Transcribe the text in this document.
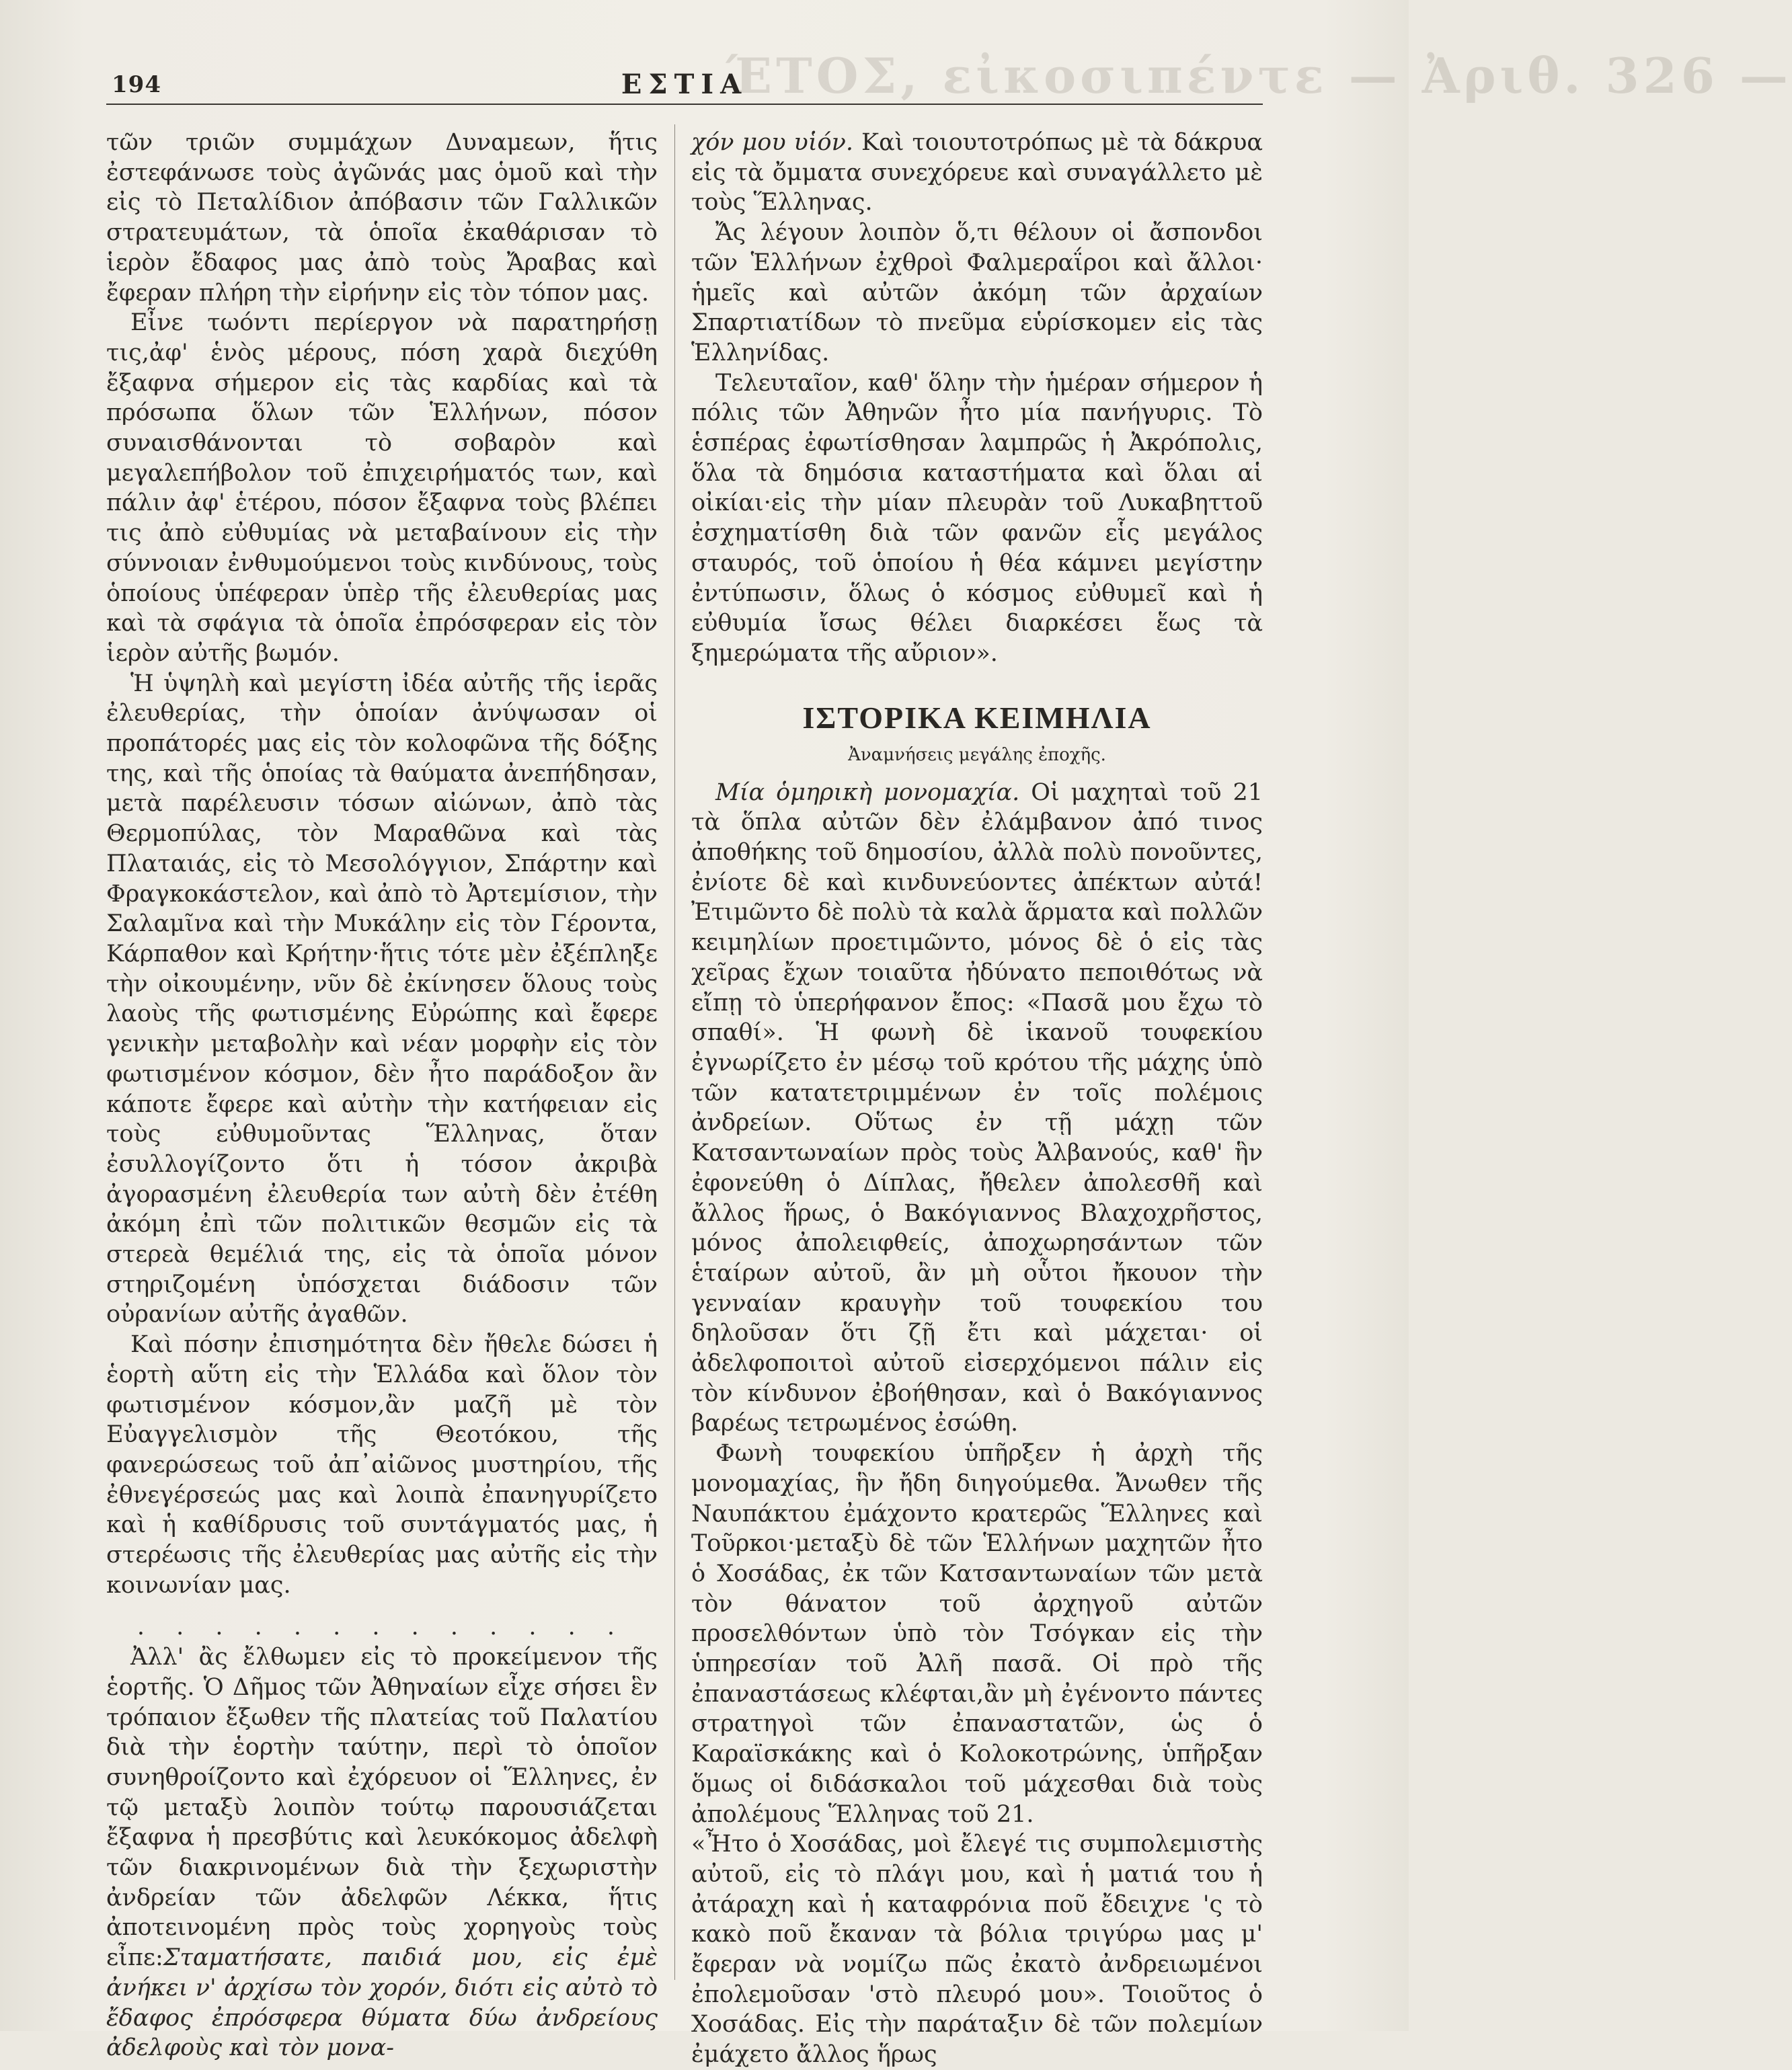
ΈΤΟΣ, εἰκοσιπέντε — Ἀριθ. 326 —
194	ΕΣΤΙΑ

τῶν τριῶν συμμάχων Δυναμεων, ἥτις ἐστεφάνωσε τοὺς ἀγῶνάς μας ὁμοῦ καὶ τὴν εἰς τὸ Πεταλίδιον ἀπόβασιν τῶν Γαλλικῶν στρατευμάτων, τὰ ὁποῖα ἐκαθάρισαν τὸ ἱερὸν ἔδαφος μας ἀπὸ τοὺς Ἄραβας καὶ ἔφεραν πλήρη τὴν εἰρήνην εἰς τὸν τόπον μας.

Εἶνε τωόντι περίεργον νὰ παρατηρήσῃ τις,ἀφ' ἑνὸς μέρους, πόση χαρὰ διεχύθη ἔξαφνα σήμερον εἰς τὰς καρδίας καὶ τὰ πρόσωπα ὅλων τῶν Ἑλλήνων, πόσον συναισθάνονται τὸ σοβαρὸν καὶ μεγαλεπήβολον τοῦ ἐπιχειρήματός των, καὶ πάλιν ἀφ' ἑτέρου, πόσον ἔξαφνα τοὺς βλέπει τις ἀπὸ εὐθυμίας νὰ μεταβαίνουν εἰς τὴν σύννοιαν ἐνθυμούμενοι τοὺς κινδύνους, τοὺς ὁποίους ὑπέφεραν ὑπὲρ τῆς ἐλευθερίας μας καὶ τὰ σφάγια τὰ ὁποῖα ἐπρόσφεραν εἰς τὸν ἱερὸν αὐτῆς βωμόν.

Ἡ ὑψηλὴ καὶ μεγίστη ἰδέα αὐτῆς τῆς ἱερᾶς ἐλευθερίας, τὴν ὁποίαν ἀνύψωσαν οἱ προπάτορές μας εἰς τὸν κολοφῶνα τῆς δόξης της, καὶ τῆς ὁποίας τὰ θαύματα ἀνεπήδησαν, μετὰ παρέλευσιν τόσων αἰώνων, ἀπὸ τὰς Θερμοπύλας, τὸν Μαραθῶνα καὶ τὰς Πλαταιάς, εἰς τὸ Μεσολόγγιον, Σπάρτην καὶ Φραγκοκάστελον, καὶ ἀπὸ τὸ Ἀρτεμίσιον, τὴν Σαλαμῖνα καὶ τὴν Μυκάλην εἰς τὸν Γέροντα, Κάρπαθον καὶ Κρήτην·ἥτις τότε μὲν ἐξέπληξε τὴν οἰκουμένην, νῦν δὲ ἐκίνησεν ὅλους τοὺς λαοὺς τῆς φωτισμένης Εὐρώπης καὶ ἔφερε γενικὴν μεταβολὴν καὶ νέαν μορφὴν εἰς τὸν φωτισμένον κόσμον, δὲν ἦτο παράδοξον ἂν κάποτε ἔφερε καὶ αὐτὴν τὴν κατήφειαν εἰς τοὺς εὐθυμοῦντας Ἕλληνας, ὅταν ἐσυλλογίζοντο ὅτι ἡ τόσον ἀκριβὰ ἀγορασμένη ἐλευθερία των αὐτὴ δὲν ἐτέθη ἀκόμη ἐπὶ τῶν πολιτικῶν θεσμῶν εἰς τὰ στερεὰ θεμέλιά της, εἰς τὰ ὁποῖα μόνον στηριζομένη ὑπόσχεται διάδοσιν τῶν οὐρανίων αὐτῆς ἀγαθῶν.

Καὶ πόσην ἐπισημότητα δὲν ἤθελε δώσει ἡ ἑορτὴ αὕτη εἰς τὴν Ἑλλάδα καὶ ὅλον τὸν φωτισμένον κόσμον,ἂν μαζῆ μὲ τὸν Εὐαγγελισμὸν τῆς Θεοτόκου, τῆς φανερώσεως τοῦ ἀπ᾽αἰῶνος μυστηρίου, τῆς ἐθνεγέρσεώς μας καὶ λοιπὰ ἐπανηγυρίζετο καὶ ἡ καθίδρυσις τοῦ συντάγματός μας, ἡ στερέωσις τῆς ἐλευθερίας μας αὐτῆς εἰς τὴν κοινωνίαν μας.

. . . . . . . . . . . . .

Ἀλλ' ἂς ἔλθωμεν εἰς τὸ προκείμενον τῆς ἑορτῆς. Ὁ Δῆμος τῶν Ἀθηναίων εἶχε σήσει ἓν τρόπαιον ἔξωθεν τῆς πλατείας τοῦ Παλατίου διὰ τὴν ἑορτὴν ταύτην, περὶ τὸ ὁποῖον συνηθροίζοντο καὶ ἐχόρευον οἱ Ἕλληνες, ἐν τῷ μεταξὺ λοιπὸν τούτῳ παρουσιάζεται ἔξαφνα ἡ πρεσβύτις καὶ λευκόκομος ἀδελφὴ τῶν διακρινομένων διὰ τὴν ξεχωριστὴν ἀνδρείαν τῶν ἀδελφῶν Λέκκα, ἥτις ἀποτεινομένη πρὸς τοὺς χορηγοὺς τοὺς εἶπε:Σταματήσατε, παιδιά μου, εἰς ἐμὲ ἀνήκει ν' ἀρχίσω τὸν χορόν, διότι εἰς αὐτὸ τὸ ἔδαφος ἐπρόσφερα θύματα δύω ἀνδρείους ἀδελφοὺς καὶ τὸν μονα-

χόν μου υἱόν. Καὶ τοιουτοτρόπως μὲ τὰ δάκρυα εἰς τὰ ὄμματα συνεχόρευε καὶ συναγάλλετο μὲ τοὺς Ἕλληνας.

Ἄς λέγουν λοιπὸν ὅ,τι θέλουν οἱ ἄσπονδοι τῶν Ἑλλήνων ἐχθροὶ Φαλμεραΐροι καὶ ἄλλοι· ἡμεῖς καὶ αὐτῶν ἀκόμη τῶν ἀρχαίων Σπαρτιατίδων τὸ πνεῦμα εὑρίσκομεν εἰς τὰς Ἑλληνίδας.

Τελευταῖον, καθ' ὅλην τὴν ἡμέραν σήμερον ἡ πόλις τῶν Ἀθηνῶν ἦτο μία πανήγυρις. Τὸ ἑσπέρας ἐφωτίσθησαν λαμπρῶς ἡ Ἀκρόπολις, ὅλα τὰ δημόσια καταστήματα καὶ ὅλαι αἱ οἰκίαι·εἰς τὴν μίαν πλευρὰν τοῦ Λυκαβηττοῦ ἐσχηματίσθη διὰ τῶν φανῶν εἷς μεγάλος σταυρός, τοῦ ὁποίου ἡ θέα κάμνει μεγίστην ἐντύπωσιν, ὅλως ὁ κόσμος εὐθυμεῖ καὶ ἡ εὐθυμία ἴσως θέλει διαρκέσει ἕως τὰ ξημερώματα τῆς αὔριον».

ΙΣΤΟΡΙΚΑ ΚΕΙΜΗΛΙΑ
Ἀναμνήσεις μεγάλης ἐποχῆς.

Μία ὁμηρικὴ μονομαχία. Οἱ μαχηταὶ τοῦ 21 τὰ ὅπλα αὐτῶν δὲν ἐλάμβανον ἀπό τινος ἀποθήκης τοῦ δημοσίου, ἀλλὰ πολὺ πονοῦντες, ἐνίοτε δὲ καὶ κινδυνεύοντες ἀπέκτων αὐτά! Ἐτιμῶντο δὲ πολὺ τὰ καλὰ ἅρματα καὶ πολλῶν κειμηλίων προετιμῶντο, μόνος δὲ ὁ εἰς τὰς χεῖρας ἔχων τοιαῦτα ἠδύνατο πεποιθότως νὰ εἴπῃ τὸ ὑπερήφανον ἔπος: «Πασᾶ μου ἔχω τὸ σπαθί». Ἡ φωνὴ δὲ ἱκανοῦ τουφεκίου ἐγνωρίζετο ἐν μέσῳ τοῦ κρότου τῆς μάχης ὑπὸ τῶν κατατετριμμένων ἐν τοῖς πολέμοις ἀνδρείων. Οὕτως ἐν τῇ μάχῃ τῶν Κατσαντωναίων πρὸς τοὺς Ἀλβανούς, καθ' ἣν ἐφονεύθη ὁ Δίπλας, ἤθελεν ἀπολεσθῆ καὶ ἄλλος ἥρως, ὁ Βακόγιαννος Βλαχοχρῆστος, μόνος ἀπολειφθείς, ἀποχωρησάντων τῶν ἑταίρων αὐτοῦ, ἂν μὴ οὗτοι ἤκουον τὴν γενναίαν κραυγὴν τοῦ τουφεκίου του δηλοῦσαν ὅτι ζῇ ἔτι καὶ μάχεται· οἱ ἀδελφοποιτοὶ αὐτοῦ εἰσερχόμενοι πάλιν εἰς τὸν κίνδυνον ἐβοήθησαν, καὶ ὁ Βακόγιαννος βαρέως τετρωμένος ἐσώθη.

Φωνὴ τουφεκίου ὑπῆρξεν ἡ ἀρχὴ τῆς μονομαχίας, ἣν ἤδη διηγούμεθα. Ἄνωθεν τῆς Ναυπάκτου ἐμάχοντο κρατερῶς Ἕλληνες καὶ Τοῦρκοι·μεταξὺ δὲ τῶν Ἑλλήνων μαχητῶν ἦτο ὁ Χοσάδας, ἐκ τῶν Κατσαντωναίων τῶν μετὰ τὸν θάνατον τοῦ ἀρχηγοῦ αὐτῶν προσελθόντων ὑπὸ τὸν Τσόγκαν εἰς τὴν ὑπηρεσίαν τοῦ Ἀλῆ πασᾶ. Οἱ πρὸ τῆς ἐπαναστάσεως κλέφται,ἂν μὴ ἐγένοντο πάντες στρατηγοὶ τῶν ἐπαναστατῶν, ὡς ὁ Καραϊσκάκης καὶ ὁ Κολοκοτρώνης, ὑπῆρξαν ὅμως οἱ διδάσκαλοι τοῦ μάχεσθαι διὰ τοὺς ἀπολέμους Ἕλληνας τοῦ 21.

«Ἦτο ὁ Χοσάδας, μοὶ ἔλεγέ τις συμπολεμιστὴς αὐτοῦ, εἰς τὸ πλάγι μου, καὶ ἡ ματιά του ἡ ἀτάραχη καὶ ἡ καταφρόνια ποῦ ἔδειχνε 'ς τὸ κακὸ ποῦ ἔκαναν τὰ βόλια τριγύρω μας μ' ἔφεραν νὰ νομίζω πῶς ἐκατὸ ἀνδρειωμένοι ἐπολεμοῦσαν 'στὸ πλευρό μου». Τοιοῦτος ὁ Χοσάδας. Εἰς τὴν παράταξιν δὲ τῶν πολεμίων ἐμάχετο ἄλλος ἥρως
